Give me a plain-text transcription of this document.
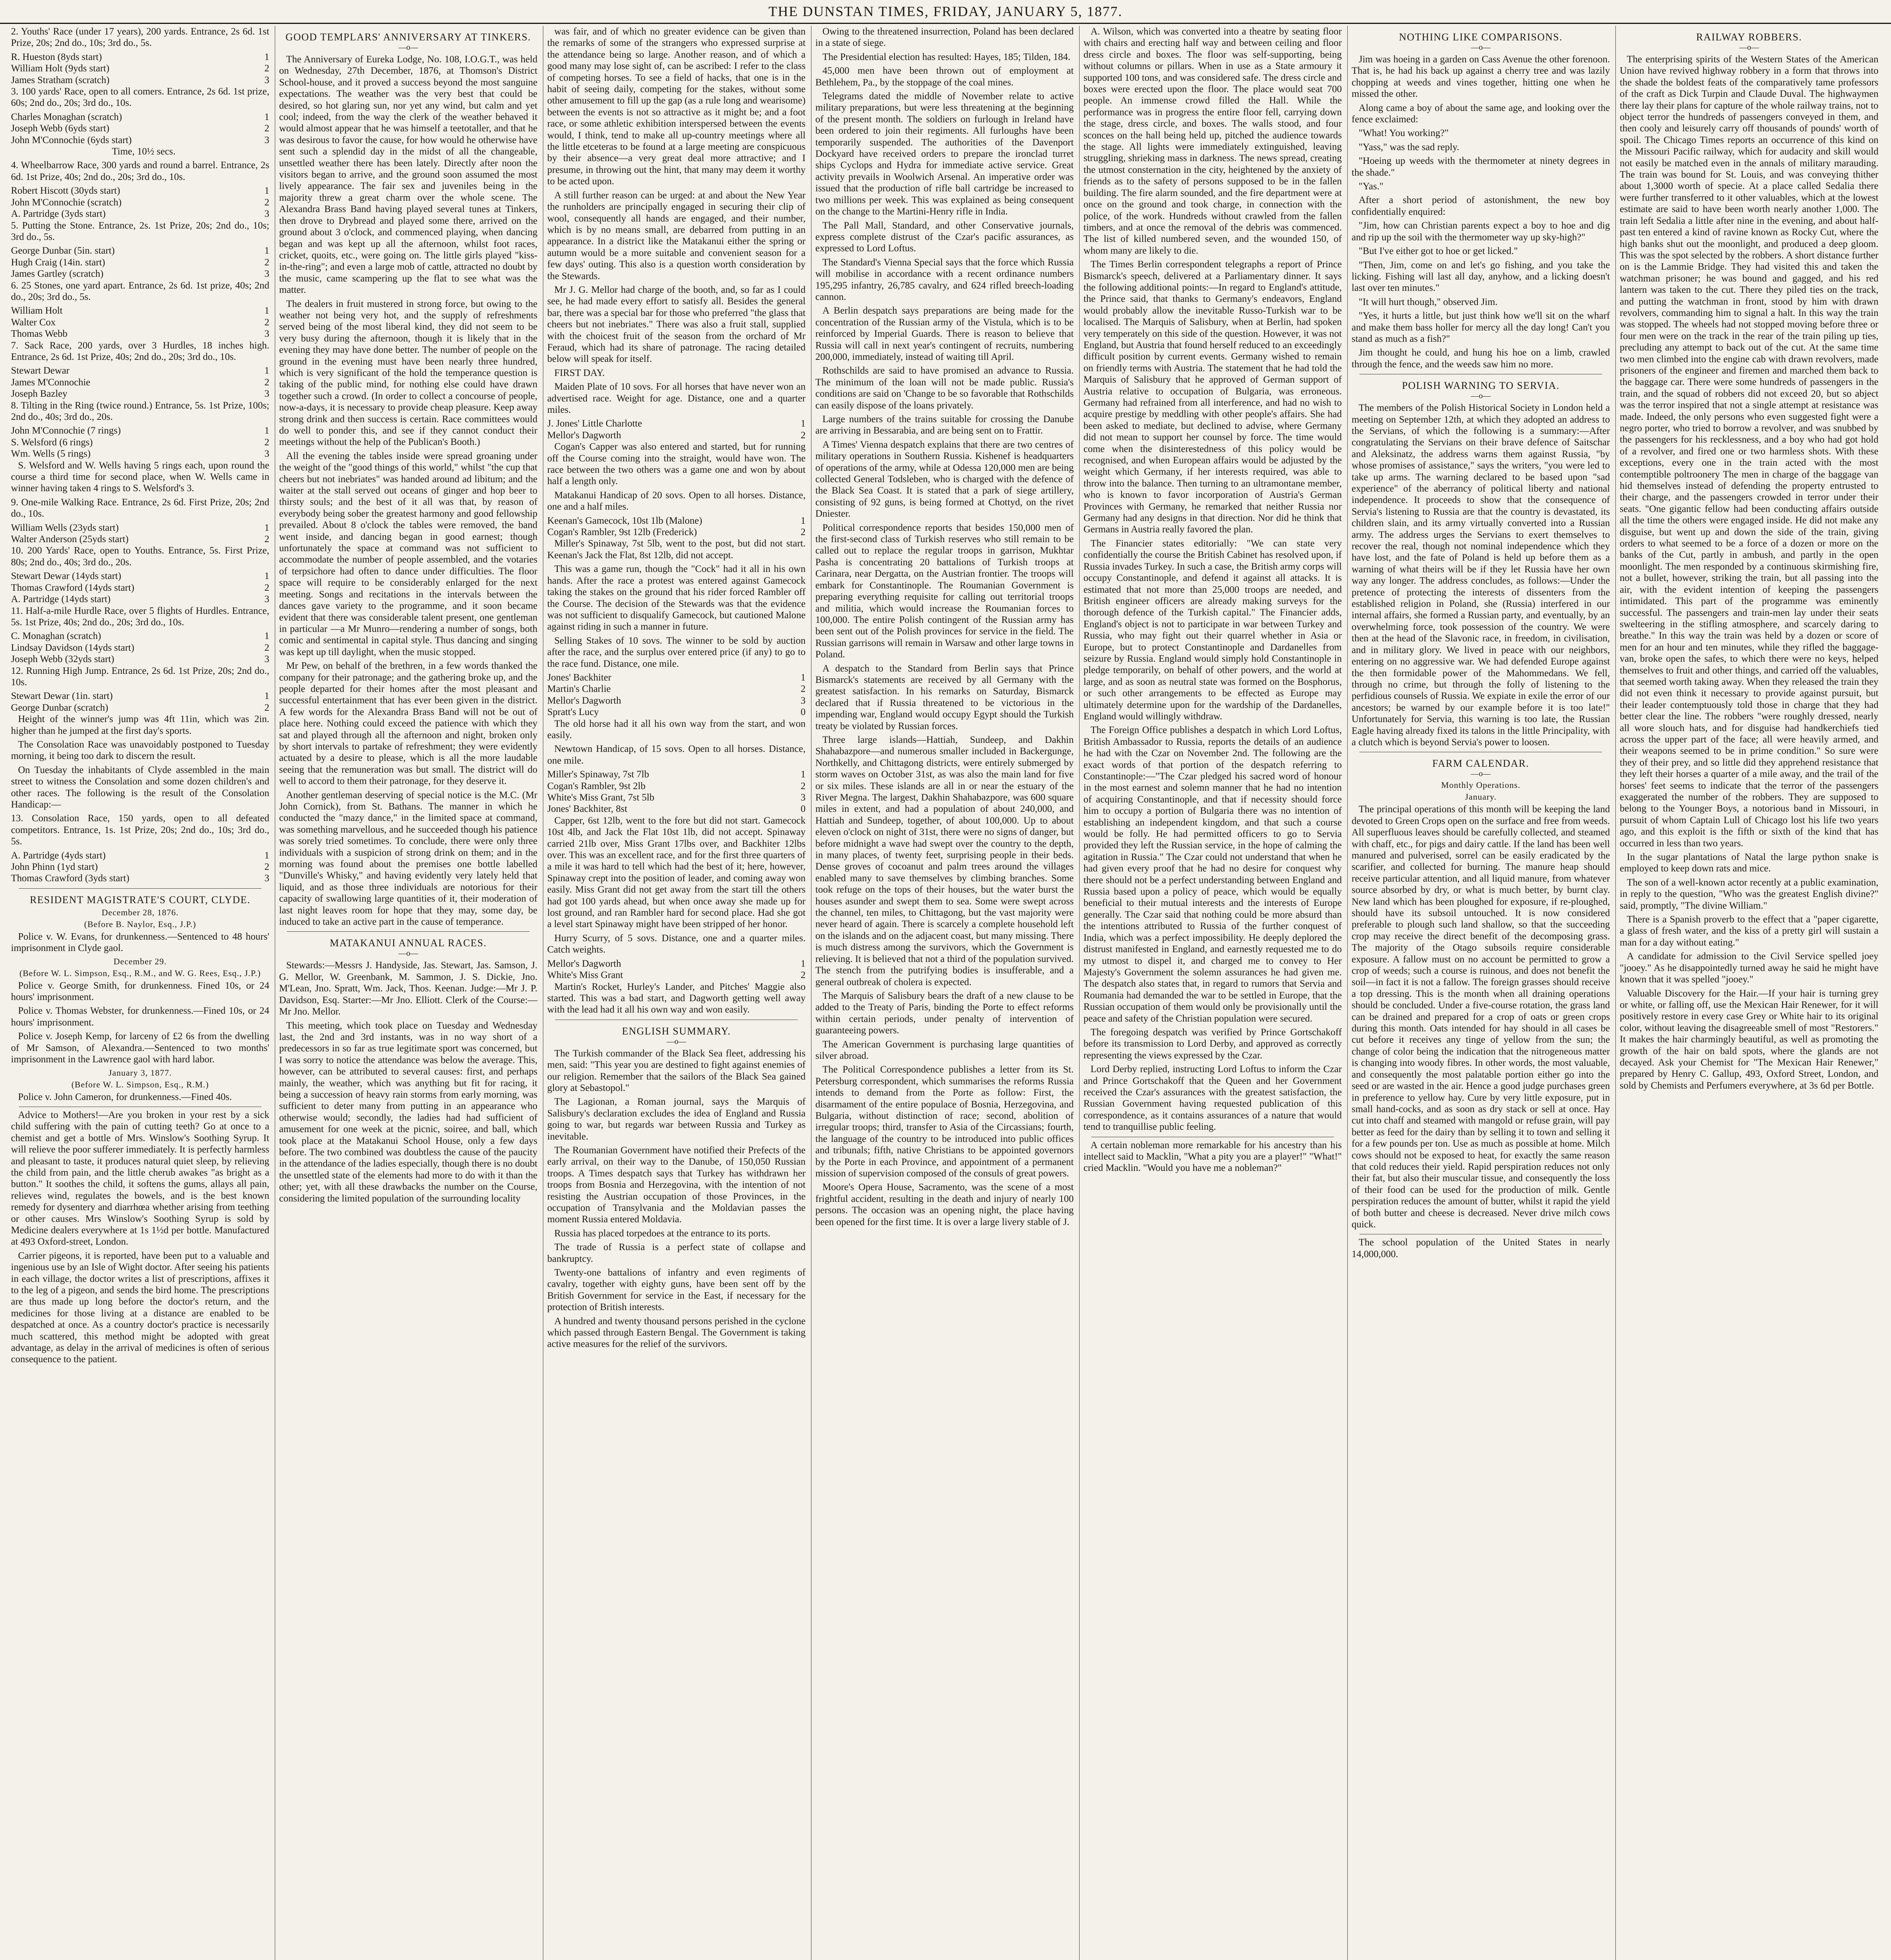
THE DUNSTAN TIMES, FRIDAY, JANUARY 5, 1877.

2. Youths' Race (under 17 years), 200 yards. Entrance, 2s 6d. 1st Prize, 20s; 2nd do., 10s; 3rd do., 5s.

R. Hueston (8yds start)	1
William Holt (9yds start)	2
James Stratham (scratch)	3

3. 100 yards' Race, open to all comers. Entrance, 2s 6d. 1st prize, 60s; 2nd do., 20s; 3rd do., 10s.

Charles Monaghan (scratch)	1
Joseph Webb (6yds start)	2
John M'Connochie (6yds start)	3

Time, 10½ secs.

4. Wheelbarrow Race, 300 yards and round a barrel. Entrance, 2s 6d. 1st Prize, 40s; 2nd do., 20s; 3rd do., 10s.

Robert Hiscott (30yds start)	1
John M'Connochie (scratch)	2
A. Partridge (3yds start)	3

5. Putting the Stone. Entrance, 2s. 1st Prize, 20s; 2nd do., 10s; 3rd do., 5s.

George Dunbar (5in. start)	1
Hugh Craig (14in. start)	2
James Gartley (scratch)	3

6. 25 Stones, one yard apart. Entrance, 2s 6d. 1st prize, 40s; 2nd do., 20s; 3rd do., 5s.

William Holt	1
Walter Cox	2
Thomas Webb	3

7. Sack Race, 200 yards, over 3 Hurdles, 18 inches high. Entrance, 2s 6d. 1st Prize, 40s; 2nd do., 20s; 3rd do., 10s.

Stewart Dewar	1
James M'Connochie	2
Joseph Bazley	3

8. Tilting in the Ring (twice round.) Entrance, 5s. 1st Prize, 100s; 2nd do., 40s; 3rd do., 20s.

John M'Connochie (7 rings)	1
S. Welsford (6 rings)	2
Wm. Wells (5 rings)	3

S. Welsford and W. Wells having 5 rings each, upon round the course a third time for second place, when W. Wells came in winner having taken 4 rings to S. Welsford's 3.

9. One-mile Walking Race. Entrance, 2s 6d. First Prize, 20s; 2nd do., 10s.

William Wells (23yds start)	1
Walter Anderson (25yds start)	2

10. 200 Yards' Race, open to Youths. Entrance, 5s. First Prize, 80s; 2nd do., 40s; 3rd do., 20s.

Stewart Dewar (14yds start)	1
Thomas Crawford (14yds start)	2
A. Partridge (14yds start)	3

11. Half-a-mile Hurdle Race, over 5 flights of Hurdles. Entrance, 5s. 1st Prize, 40s; 2nd do., 20s; 3rd do., 10s.

C. Monaghan (scratch)	1
Lindsay Davidson (14yds start)	2
Joseph Webb (32yds start)	3

12. Running High Jump. Entrance, 2s 6d. 1st Prize, 20s; 2nd do., 10s.

Stewart Dewar (1in. start)	1
George Dunbar (scratch)	2

Height of the winner's jump was 4ft 11in, which was 2in. higher than he jumped at the first day's sports.

The Consolation Race was unavoidably postponed to Tuesday morning, it being too dark to discern the result.

On Tuesday the inhabitants of Clyde assembled in the main street to witness the Consolation and some dozen children's and other races. The following is the result of the Consolation Handicap:—

13. Consolation Race, 150 yards, open to all defeated competitors. Entrance, 1s. 1st Prize, 20s; 2nd do., 10s; 3rd do., 5s.

A. Partridge (4yds start)	1
John Phinn (1yd start)	2
Thomas Crawford (3yds start)	3
RESIDENT MAGISTRATE'S COURT, CLYDE.
December 28, 1876.
(Before B. Naylor, Esq., J.P.)

Police v. W. Evans, for drunkenness.—Sentenced to 48 hours' imprisonment in Clyde gaol.

December 29.
(Before W. L. Simpson, Esq., R.M., and W. G. Rees, Esq., J.P.)

Police v. George Smith, for drunkenness. Fined 10s, or 24 hours' imprisonment.

Police v. Thomas Webster, for drunkenness.—Fined 10s, or 24 hours' imprisonment.

Police v. Joseph Kemp, for larceny of £2 6s from the dwelling of Mr Samson, of Alexandra.—Sentenced to two months' imprisonment in the Lawrence gaol with hard labor.

January 3, 1877.
(Before W. L. Simpson, Esq., R.M.)

Police v. John Cameron, for drunkenness.—Fined 40s.

Advice to Mothers!—Are you broken in your rest by a sick child suffering with the pain of cutting teeth? Go at once to a chemist and get a bottle of Mrs. Winslow's Soothing Syrup. It will relieve the poor sufferer immediately. It is perfectly harmless and pleasant to taste, it produces natural quiet sleep, by relieving the child from pain, and the little cherub awakes "as bright as a button." It soothes the child, it softens the gums, allays all pain, relieves wind, regulates the bowels, and is the best known remedy for dysentery and diarrhœa whether arising from teething or other causes. Mrs Winslow's Soothing Syrup is sold by Medicine dealers everywhere at 1s 1½d per bottle. Manufactured at 493 Oxford-street, London.

Carrier pigeons, it is reported, have been put to a valuable and ingenious use by an Isle of Wight doctor. After seeing his patients in each village, the doctor writes a list of prescriptions, affixes it to the leg of a pigeon, and sends the bird home. The prescriptions are thus made up long before the doctor's return, and the medicines for those living at a distance are enabled to be despatched at once. As a country doctor's practice is necessarily much scattered, this method might be adopted with great advantage, as delay in the arrival of medicines is often of serious consequence to the patient.

GOOD TEMPLARS' ANNIVERSARY AT TINKERS.
—o—

The Anniversary of Eureka Lodge, No. 108, I.O.G.T., was held on Wednesday, 27th December, 1876, at Thomson's District School-house, and it proved a success beyond the most sanguine expectations. The weather was the very best that could be desired, so hot glaring sun, nor yet any wind, but calm and yet cool; indeed, from the way the clerk of the weather behaved it would almost appear that he was himself a teetotaller, and that he was desirous to favor the cause, for how would he otherwise have sent such a splendid day in the midst of all the changeable, unsettled weather there has been lately. Directly after noon the visitors began to arrive, and the ground soon assumed the most lively appearance. The fair sex and juveniles being in the majority threw a great charm over the whole scene. The Alexandra Brass Band having played several tunes at Tinkers, then drove to Drybread and played some there, arrived on the ground about 3 o'clock, and commenced playing, when dancing began and was kept up all the afternoon, whilst foot races, cricket, quoits, etc., were going on. The little girls played "kiss-in-the-ring"; and even a large mob of cattle, attracted no doubt by the music, came scampering up the flat to see what was the matter.

The dealers in fruit mustered in strong force, but owing to the weather not being very hot, and the supply of refreshments served being of the most liberal kind, they did not seem to be very busy during the afternoon, though it is likely that in the evening they may have done better. The number of people on the ground in the evening must have been nearly three hundred, which is very significant of the hold the temperance question is taking of the public mind, for nothing else could have drawn together such a crowd. (In order to collect a concourse of people, now-a-days, it is necessary to provide cheap pleasure. Keep away strong drink and then success is certain. Race committees would do well to ponder this, and see if they cannot conduct their meetings without the help of the Publican's Booth.)

All the evening the tables inside were spread groaning under the weight of the "good things of this world," whilst "the cup that cheers but not inebriates" was handed around ad libitum; and the waiter at the stall served out oceans of ginger and hop beer to thirsty souls; and the best of it all was that, by reason of everybody being sober the greatest harmony and good fellowship prevailed. About 8 o'clock the tables were removed, the band went inside, and dancing began in good earnest; though unfortunately the space at command was not sufficient to accommodate the number of people assembled, and the votaries of terpsichore had often to dance under difficulties. The floor space will require to be considerably enlarged for the next meeting. Songs and recitations in the intervals between the dances gave variety to the programme, and it soon became evident that there was considerable talent present, one gentleman in particular —a Mr Munro—rendering a number of songs, both comic and sentimental in capital style. Thus dancing and singing was kept up till daylight, when the music stopped.

Mr Pew, on behalf of the brethren, in a few words thanked the company for their patronage; and the gathering broke up, and the people departed for their homes after the most pleasant and successful entertainment that has ever been given in the district. A few words for the Alexandra Brass Band will not be out of place here. Nothing could exceed the patience with which they sat and played through all the afternoon and night, broken only by short intervals to partake of refreshment; they were evidently actuated by a desire to please, which is all the more laudable seeing that the remuneration was but small. The district will do well to accord to them their patronage, for they deserve it.

Another gentleman deserving of special notice is the M.C. (Mr John Cornick), from St. Bathans. The manner in which he conducted the "mazy dance," in the limited space at command, was something marvellous, and he succeeded though his patience was sorely tried sometimes. To conclude, there were only three individuals with a suspicion of strong drink on them; and in the morning was found about the premises one bottle labelled "Dunville's Whisky," and having evidently very lately held that liquid, and as those three individuals are notorious for their capacity of swallowing large quantities of it, their moderation of last night leaves room for hope that they may, some day, be induced to take an active part in the cause of temperance.

MATAKANUI ANNUAL RACES.
—o—

Stewards:—Messrs J. Handyside, Jas. Stewart, Jas. Samson, J. G. Mellor, W. Greenbank, M. Sammon, J. S. Dickie, Jno. M'Lean, Jno. Spratt, Wm. Jack, Thos. Keenan. Judge:—Mr J. P. Davidson, Esq. Starter:—Mr Jno. Elliott. Clerk of the Course:—Mr Jno. Mellor.

This meeting, which took place on Tuesday and Wednesday last, the 2nd and 3rd instants, was in no way short of a predecessors in so far as true legitimate sport was concerned, but I was sorry to notice the attendance was below the average. This, however, can be attributed to several causes: first, and perhaps mainly, the weather, which was anything but fit for racing, it being a succession of heavy rain storms from early morning, was sufficient to deter many from putting in an appearance who otherwise would; secondly, the ladies had had sufficient of amusement for one week at the picnic, soiree, and ball, which took place at the Matakanui School House, only a few days before. The two combined was doubtless the cause of the paucity in the attendance of the ladies especially, though there is no doubt the unsettled state of the elements had more to do with it than the other; yet, with all these drawbacks the number on the Course, considering the limited population of the surrounding locality

was fair, and of which no greater evidence can be given than the remarks of some of the strangers who expressed surprise at the attendance being so large. Another reason, and of which a good many may lose sight of, can be ascribed: I refer to the class of competing horses. To see a field of hacks, that one is in the habit of seeing daily, competing for the stakes, without some other amusement to fill up the gap (as a rule long and wearisome) between the events is not so attractive as it might be; and a foot race, or some athletic exhibition interspersed between the events would, I think, tend to make all up-country meetings where all the little etceteras to be found at a large meeting are conspicuous by their absence—a very great deal more attractive; and I presume, in throwing out the hint, that many may deem it worthy to be acted upon.

A still further reason can be urged: at and about the New Year the runholders are principally engaged in securing their clip of wool, consequently all hands are engaged, and their number, which is by no means small, are debarred from putting in an appearance. In a district like the Matakanui either the spring or autumn would be a more suitable and convenient season for a few days' outing. This also is a question worth consideration by the Stewards.

Mr J. G. Mellor had charge of the booth, and, so far as I could see, he had made every effort to satisfy all. Besides the general bar, there was a special bar for those who preferred "the glass that cheers but not inebriates." There was also a fruit stall, supplied with the choicest fruit of the season from the orchard of Mr Feraud, which had its share of patronage. The racing detailed below will speak for itself.

FIRST DAY.

Maiden Plate of 10 sovs. For all horses that have never won an advertised race. Weight for age. Distance, one and a quarter miles.

J. Jones' Little Charlotte	1
Mellor's Dagworth	2

Cogan's Capper was also entered and started, but for running off the Course coming into the straight, would have won. The race between the two others was a game one and won by about half a length only.

Matakanui Handicap of 20 sovs. Open to all horses. Distance, one and a half miles.

Keenan's Gamecock, 10st 1lb (Malone)	1
Cogan's Rambler, 9st 12lb (Frederick)	2

Miller's Spinaway, 7st 5lb, went to the post, but did not start. Keenan's Jack the Flat, 8st 12lb, did not accept.

This was a game run, though the "Cock" had it all in his own hands. After the race a protest was entered against Gamecock taking the stakes on the ground that his rider forced Rambler off the Course. The decision of the Stewards was that the evidence was not sufficient to disqualify Gamecock, but cautioned Malone against riding in such a manner in future.

Selling Stakes of 10 sovs. The winner to be sold by auction after the race, and the surplus over entered price (if any) to go to the race fund. Distance, one mile.

Jones' Backhiter	1
Martin's Charlie	2
Mellor's Dagworth	3
Spratt's Lucy	0

The old horse had it all his own way from the start, and won easily.

Newtown Handicap, of 15 sovs. Open to all horses. Distance, one mile.

Miller's Spinaway, 7st 7lb	1
Cogan's Rambler, 9st 2lb	2
White's Miss Grant, 7st 5lb	3
Jones' Backhiter, 8st	0

Capper, 6st 12lb, went to the fore but did not start. Gamecock 10st 4lb, and Jack the Flat 10st 1lb, did not accept. Spinaway carried 21lb over, Miss Grant 17lbs over, and Backhiter 12lbs over. This was an excellent race, and for the first three quarters of a mile it was hard to tell which had the best of it; here, however, Spinaway crept into the position of leader, and coming away won easily. Miss Grant did not get away from the start till the others had got 100 yards ahead, but when once away she made up for lost ground, and ran Rambler hard for second place. Had she got a level start Spinaway might have been stripped of her honor.

Hurry Scurry, of 5 sovs. Distance, one and a quarter miles. Catch weights.

Mellor's Dagworth	1
White's Miss Grant	2

Martin's Rocket, Hurley's Lander, and Pitches' Maggie also started. This was a bad start, and Dagworth getting well away with the lead had it all his own way and won easily.

ENGLISH SUMMARY.
—o—

The Turkish commander of the Black Sea fleet, addressing his men, said: "This year you are destined to fight against enemies of our religion. Remember that the sailors of the Black Sea gained glory at Sebastopol."

The Lagionan, a Roman journal, says the Marquis of Salisbury's declaration excludes the idea of England and Russia going to war, but regards war between Russia and Turkey as inevitable.

The Roumanian Government have notified their Prefects of the early arrival, on their way to the Danube, of 150,050 Russian troops. A Times despatch says that Turkey has withdrawn her troops from Bosnia and Herzegovina, with the intention of not resisting the Austrian occupation of those Provinces, in the occupation of Transylvania and the Moldavian passes the moment Russia entered Moldavia.

Russia has placed torpedoes at the entrance to its ports.

The trade of Russia is a perfect state of collapse and bankruptcy.

Twenty-one battalions of infantry and even regiments of cavalry, together with eighty guns, have been sent off by the British Government for service in the East, if necessary for the protection of British interests.

A hundred and twenty thousand persons perished in the cyclone which passed through Eastern Bengal. The Government is taking active measures for the relief of the survivors.

Owing to the threatened insurrection, Poland has been declared in a state of siege.

The Presidential election has resulted: Hayes, 185; Tilden, 184.

45,000 men have been thrown out of employment at Bethlehem, Pa., by the stoppage of the coal mines.

Telegrams dated the middle of November relate to active military preparations, but were less threatening at the beginning of the present month. The soldiers on furlough in Ireland have been ordered to join their regiments. All furloughs have been temporarily suspended. The authorities of the Davenport Dockyard have received orders to prepare the ironclad turret ships Cyclops and Hydra for immediate active service. Great activity prevails in Woolwich Arsenal. An imperative order was issued that the production of rifle ball cartridge be increased to two millions per week. This was explained as being consequent on the change to the Martini-Henry rifle in India.

The Pall Mall, Standard, and other Conservative journals, express complete distrust of the Czar's pacific assurances, as expressed to Lord Loftus.

The Standard's Vienna Special says that the force which Russia will mobilise in accordance with a recent ordinance numbers 195,295 infantry, 26,785 cavalry, and 624 rifled breech-loading cannon.

A Berlin despatch says preparations are being made for the concentration of the Russian army of the Vistula, which is to be reinforced by Imperial Guards. There is reason to believe that Russia will call in next year's contingent of recruits, numbering 200,000, immediately, instead of waiting till April.

Rothschilds are said to have promised an advance to Russia. The minimum of the loan will not be made public. Russia's conditions are said on 'Change to be so favorable that Rothschilds can easily dispose of the loans privately.

Large numbers of the trains suitable for crossing the Danube are arriving in Bessarabia, and are being sent on to Frattir.

A Times' Vienna despatch explains that there are two centres of military operations in Southern Russia. Kishenef is headquarters of operations of the army, while at Odessa 120,000 men are being collected General Todsleben, who is charged with the defence of the Black Sea Coast. It is stated that a park of siege artillery, consisting of 92 guns, is being formed at Chottyd, on the rivet Dniester.

Political correspondence reports that besides 150,000 men of the first-second class of Turkish reserves who still remain to be called out to replace the regular troops in garrison, Mukhtar Pasha is concentrating 20 battalions of Turkish troops at Carinara, near Dergatta, on the Austrian frontier. The troops will embark for Constantinople. The Roumanian Government is preparing everything requisite for calling out territorial troops and militia, which would increase the Roumanian forces to 100,000. The entire Polish contingent of the Russian army has been sent out of the Polish provinces for service in the field. The Russian garrisons will remain in Warsaw and other large towns in Poland.

A despatch to the Standard from Berlin says that Prince Bismarck's statements are received by all Germany with the greatest satisfaction. In his remarks on Saturday, Bismarck declared that if Russia threatened to be victorious in the impending war, England would occupy Egypt should the Turkish treaty be violated by Russian forces.

Three large islands—Hattiah, Sundeep, and Dakhin Shahabazpore—and numerous smaller included in Backergunge, Northkelly, and Chittagong districts, were entirely submerged by storm waves on October 31st, as was also the main land for five or six miles. These islands are all in or near the estuary of the River Megna. The largest, Dakhin Shahabazpore, was 600 square miles in extent, and had a population of about 240,000, and Hattiah and Sundeep, together, of about 100,000. Up to about eleven o'clock on night of 31st, there were no signs of danger, but before midnight a wave had swept over the country to the depth, in many places, of twenty feet, surprising people in their beds. Dense groves of cocoanut and palm trees around the villages enabled many to save themselves by climbing branches. Some took refuge on the tops of their houses, but the water burst the houses asunder and swept them to sea. Some were swept across the channel, ten miles, to Chittagong, but the vast majority were never heard of again. There is scarcely a complete household left on the islands and on the adjacent coast, but many missing. There is much distress among the survivors, which the Government is relieving. It is believed that not a third of the population survived. The stench from the putrifying bodies is insufferable, and a general outbreak of cholera is expected.

The Marquis of Salisbury bears the draft of a new clause to be added to the Treaty of Paris, binding the Porte to effect reforms within certain periods, under penalty of intervention of guaranteeing powers.

The American Government is purchasing large quantities of silver abroad.

The Political Correspondence publishes a letter from its St. Petersburg correspondent, which summarises the reforms Russia intends to demand from the Porte as follow: First, the disarmament of the entire populace of Bosnia, Herzegovina, and Bulgaria, without distinction of race; second, abolition of irregular troops; third, transfer to Asia of the Circassians; fourth, the language of the country to be introduced into public offices and tribunals; fifth, native Christians to be appointed governors by the Porte in each Province, and appointment of a permanent mission of supervision composed of the consuls of great powers.

Moore's Opera House, Sacramento, was the scene of a most frightful accident, resulting in the death and injury of nearly 100 persons. The occasion was an opening night, the place having been opened for the first time. It is over a large livery stable of J.

A. Wilson, which was converted into a theatre by seating floor with chairs and erecting half way and between ceiling and floor dress circle and boxes. The floor was self-supporting, being without columns or pillars. When in use as a State armoury it supported 100 tons, and was considered safe. The dress circle and boxes were erected upon the floor. The place would seat 700 people. An immense crowd filled the Hall. While the performance was in progress the entire floor fell, carrying down the stage, dress circle, and boxes. The walls stood, and four sconces on the hall being held up, pitched the audience towards the stage. All lights were immediately extinguished, leaving struggling, shrieking mass in darkness. The news spread, creating the utmost consternation in the city, heightened by the anxiety of friends as to the safety of persons supposed to be in the fallen building. The fire alarm sounded, and the fire department were at once on the ground and took charge, in connection with the police, of the work. Hundreds without crawled from the fallen timbers, and at once the removal of the debris was commenced. The list of killed numbered seven, and the wounded 150, of whom many are likely to die.

The Times Berlin correspondent telegraphs a report of Prince Bismarck's speech, delivered at a Parliamentary dinner. It says the following additional points:—In regard to England's attitude, the Prince said, that thanks to Germany's endeavors, England would probably allow the inevitable Russo-Turkish war to be localised. The Marquis of Salisbury, when at Berlin, had spoken very temperately on this side of the question. However, it was not England, but Austria that found herself reduced to an exceedingly difficult position by current events. Germany wished to remain on friendly terms with Austria. The statement that he had told the Marquis of Salisbury that he approved of German support of Austria relative to occupation of Bulgaria, was erroneous. Germany had refrained from all interference, and had no wish to acquire prestige by meddling with other people's affairs. She had been asked to mediate, but declined to advise, where Germany did not mean to support her counsel by force. The time would come when the disinterestedness of this policy would be recognised, and when European affairs would be adjusted by the weight which Germany, if her interests required, was able to throw into the balance. Then turning to an ultramontane member, who is known to favor incorporation of Austria's German Provinces with Germany, he remarked that neither Russia nor Germany had any designs in that direction. Nor did he think that Germans in Austria really favored the plan.

The Financier states editorially: "We can state very confidentially the course the British Cabinet has resolved upon, if Russia invades Turkey. In such a case, the British army corps will occupy Constantinople, and defend it against all attacks. It is estimated that not more than 25,000 troops are needed, and British engineer officers are already making surveys for the thorough defence of the Turkish capital." The Financier adds, England's object is not to participate in war between Turkey and Russia, who may fight out their quarrel whether in Asia or Europe, but to protect Constantinople and Dardanelles from seizure by Russia. England would simply hold Constantinople in pledge temporarily, on behalf of other powers, and the world at large, and as soon as neutral state was formed on the Bosphorus, or such other arrangements to be effected as Europe may ultimately determine upon for the wardship of the Dardanelles, England would willingly withdraw.

The Foreign Office publishes a despatch in which Lord Loftus, British Ambassador to Russia, reports the details of an audience he had with the Czar on November 2nd. The following are the exact words of that portion of the despatch referring to Constantinople:—"The Czar pledged his sacred word of honour in the most earnest and solemn manner that he had no intention of acquiring Constantinople, and that if necessity should force him to occupy a portion of Bulgaria there was no intention of establishing an independent kingdom, and that such a course would be folly. He had permitted officers to go to Servia provided they left the Russian service, in the hope of calming the agitation in Russia." The Czar could not understand that when he had given every proof that he had no desire for conquest why there should not be a perfect understanding between England and Russia based upon a policy of peace, which would be equally beneficial to their mutual interests and the interests of Europe generally. The Czar said that nothing could be more absurd than the intentions attributed to Russia of the further conquest of India, which was a perfect impossibility. He deeply deplored the distrust manifested in England, and earnestly requested me to do my utmost to dispel it, and charged me to convey to Her Majesty's Government the solemn assurances he had given me. The despatch also states that, in regard to rumors that Servia and Roumania had demanded the war to be settled in Europe, that the Russian occupation of them would only be provisionally until the peace and safety of the Christian population were secured.

The foregoing despatch was verified by Prince Gortschakoff before its transmission to Lord Derby, and approved as correctly representing the views expressed by the Czar.

Lord Derby replied, instructing Lord Loftus to inform the Czar and Prince Gortschakoff that the Queen and her Government received the Czar's assurances with the greatest satisfaction, the Russian Government having requested publication of this correspondence, as it contains assurances of a nature that would tend to tranquillise public feeling.

A certain nobleman more remarkable for his ancestry than his intellect said to Macklin, "What a pity you are a player!" "What!" cried Macklin. "Would you have me a nobleman?"

NOTHING LIKE COMPARISONS.
—o—

Jim was hoeing in a garden on Cass Avenue the other forenoon. That is, he had his back up against a cherry tree and was lazily chopping at weeds and vines together, hitting one when he missed the other.

Along came a boy of about the same age, and looking over the fence exclaimed:

"What! You working?"

"Yass," was the sad reply.

"Hoeing up weeds with the thermometer at ninety degrees in the shade."

"Yas."

After a short period of astonishment, the new boy confidentially enquired:

"Jim, how can Christian parents expect a boy to hoe and dig and rip up the soil with the thermometer way up sky-high?"

"But I've either got to hoe or get licked."

"Then, Jim, come on and let's go fishing, and you take the licking. Fishing will last all day, anyhow, and a licking doesn't last over ten minutes."

"It will hurt though," observed Jim.

"Yes, it hurts a little, but just think how we'll sit on the wharf and make them bass holler for mercy all the day long! Can't you stand as much as a fish?"

Jim thought he could, and hung his hoe on a limb, crawled through the fence, and the weeds saw him no more.

POLISH WARNING TO SERVIA.
—o—

The members of the Polish Historical Society in London held a meeting on September 12th, at which they adopted an address to the Servians, of which the following is a summary:—After congratulating the Servians on their brave defence of Saitschar and Aleksinatz, the address warns them against Russia, "by whose promises of assistance," says the writers, "you were led to take up arms. The warning declared to be based upon "sad experience" of the aberrancy of political liberty and national independence. It proceeds to show that the consequence of Servia's listening to Russia are that the country is devastated, its children slain, and its army virtually converted into a Russian army. The address urges the Servians to exert themselves to recover the real, though not nominal independence which they have lost, and the fate of Poland is held up before them as a warning of what theirs will be if they let Russia have her own way any longer. The address concludes, as follows:—Under the pretence of protecting the interests of dissenters from the established religion in Poland, she (Russia) interfered in our internal affairs, she formed a Russian party, and eventually, by an overwhelming force, took possession of the country. We were then at the head of the Slavonic race, in freedom, in civilisation, and in military glory. We lived in peace with our neighbors, entering on no aggressive war. We had defended Europe against the then formidable power of the Mahommedans. We fell, through no crime, but through the folly of listening to the perfidious counsels of Russia. We expiate in exile the error of our ancestors; be warned by our example before it is too late!" Unfortunately for Servia, this warning is too late, the Russian Eagle having already fixed its talons in the little Principality, with a clutch which is beyond Servia's power to loosen.

FARM CALENDAR.
—o—
Monthly Operations.
January.

The principal operations of this month will be keeping the land devoted to Green Crops open on the surface and free from weeds. All superfluous leaves should be carefully collected, and steamed with chaff, etc., for pigs and dairy cattle. If the land has been well manured and pulverised, sorrel can be easily eradicated by the scarifier, and collected for burning. The manure heap should receive particular attention, and all liquid manure, from whatever source absorbed by dry, or what is much better, by burnt clay. New land which has been ploughed for exposure, if re-ploughed, should have its subsoil untouched. It is now considered preferable to plough such land shallow, so that the succeeding crop may receive the direct benefit of the decomposing grass. The majority of the Otago subsoils require considerable exposure. A fallow must on no account be permitted to grow a crop of weeds; such a course is ruinous, and does not benefit the soil—in fact it is not a fallow. The foreign grasses should receive a top dressing. This is the month when all draining operations should be concluded. Under a five-course rotation, the grass land can be drained and prepared for a crop of oats or green crops during this month. Oats intended for hay should in all cases be cut before it receives any tinge of yellow from the sun; the change of color being the indication that the nitrogeneous matter is changing into woody fibres. In other words, the most valuable, and consequently the most palatable portion either go into the seed or are wasted in the air. Hence a good judge purchases green in preference to yellow hay. Cure by very little exposure, put in small hand-cocks, and as soon as dry stack or sell at once. Hay cut into chaff and steamed with mangold or refuse grain, will pay better as feed for the dairy than by selling it to town and selling it for a few pounds per ton. Use as much as possible at home. Milch cows should not be exposed to heat, for exactly the same reason that cold reduces their yield. Rapid perspiration reduces not only their fat, but also their muscular tissue, and consequently the loss of their food can be used for the production of milk. Gentle perspiration reduces the amount of butter, whilst it rapid the yield of both butter and cheese is decreased. Never drive milch cows quick.

The school population of the United States in nearly 14,000,000.

RAILWAY ROBBERS.
—o—

The enterprising spirits of the Western States of the American Union have revived highway robbery in a form that throws into the shade the boldest feats of the comparatively tame professors of the craft as Dick Turpin and Claude Duval. The highwaymen there lay their plans for capture of the whole railway trains, not to object terror the hundreds of passengers conveyed in them, and then cooly and leisurely carry off thousands of pounds' worth of spoil. The Chicago Times reports an occurrence of this kind on the Missouri Pacific railway, which for audacity and skill would not easily be matched even in the annals of military marauding. The train was bound for St. Louis, and was conveying thither about 1,3000 worth of specie. At a place called Sedalia there were further transferred to it other valuables, which at the lowest estimate are said to have been worth nearly another 1,000. The train left Sedalia a little after nine in the evening, and about half-past ten entered a kind of ravine known as Rocky Cut, where the high banks shut out the moonlight, and produced a deep gloom. This was the spot selected by the robbers. A short distance further on is the Lammie Bridge. They had visited this and taken the watchman prisoner; he was bound and gagged, and his red lantern was taken to the cut. There they piled ties on the track, and putting the watchman in front, stood by him with drawn revolvers, commanding him to signal a halt. In this way the train was stopped. The wheels had not stopped moving before three or four men were on the track in the rear of the train piling up ties, precluding any attempt to back out of the cut. At the same time two men climbed into the engine cab with drawn revolvers, made prisoners of the engineer and firemen and marched them back to the baggage car. There were some hundreds of passengers in the train, and the squad of robbers did not exceed 20, but so abject was the terror inspired that not a single attempt at resistance was made. Indeed, the only persons who even suggested fight were a negro porter, who tried to borrow a revolver, and was snubbed by the passengers for his recklessness, and a boy who had got hold of a revolver, and fired one or two harmless shots. With these exceptions, every one in the train acted with the most contemptible poltroonery The men in charge of the baggage van hid themselves instead of defending the property entrusted to their charge, and the passengers crowded in terror under their seats. "One gigantic fellow had been conducting affairs outside all the time the others were engaged inside. He did not make any disguise, but went up and down the side of the train, giving orders to what seemed to be a force of a dozen or more on the banks of the Cut, partly in ambush, and partly in the open moonlight. The men responded by a continuous skirmishing fire, not a bullet, however, striking the train, but all passing into the air, with the evident intention of keeping the passengers intimidated. This part of the programme was eminently successful. The passengers and train-men lay under their seats swelteering in the stifling atmosphere, and scarcely daring to breathe." In this way the train was held by a dozen or score of men for an hour and ten minutes, while they rifled the baggage-van, broke open the safes, to which there were no keys, helped themselves to fruit and other things, and carried off the valuables, that seemed worth taking away. When they released the train they did not even think it necessary to provide against pursuit, but their leader contemptuously told those in charge that they had better clear the line. The robbers "were roughly dressed, nearly all wore slouch hats, and for disguise had handkerchiefs tied across the upper part of the face; all were heavily armed, and their weapons seemed to be in prime condition." So sure were they of their prey, and so little did they apprehend resistance that they left their horses a quarter of a mile away, and the trail of the horses' feet seems to indicate that the terror of the passengers exaggerated the number of the robbers. They are supposed to belong to the Younger Boys, a notorious band in Missouri, in pursuit of whom Captain Lull of Chicago lost his life two years ago, and this exploit is the fifth or sixth of the kind that has occurred in less than two years.

In the sugar plantations of Natal the large python snake is employed to keep down rats and mice.

The son of a well-known actor recently at a public examination, in reply to the question, "Who was the greatest English divine?" said, promptly, "The divine William."

There is a Spanish proverb to the effect that a "paper cigarette, a glass of fresh water, and the kiss of a pretty girl will sustain a man for a day without eating."

A candidate for admission to the Civil Service spelled joey "jooey." As he disappointedly turned away he said he might have known that it was spelled "jooey."

Valuable Discovery for the Hair.—If your hair is turning grey or white, or falling off, use the Mexican Hair Renewer, for it will positively restore in every case Grey or White hair to its original color, without leaving the disagreeable smell of most "Restorers." It makes the hair charmingly beautiful, as well as promoting the growth of the hair on bald spots, where the glands are not decayed. Ask your Chemist for "The Mexican Hair Renewer," prepared by Henry C. Gallup, 493, Oxford Street, London, and sold by Chemists and Perfumers everywhere, at 3s 6d per Bottle.
